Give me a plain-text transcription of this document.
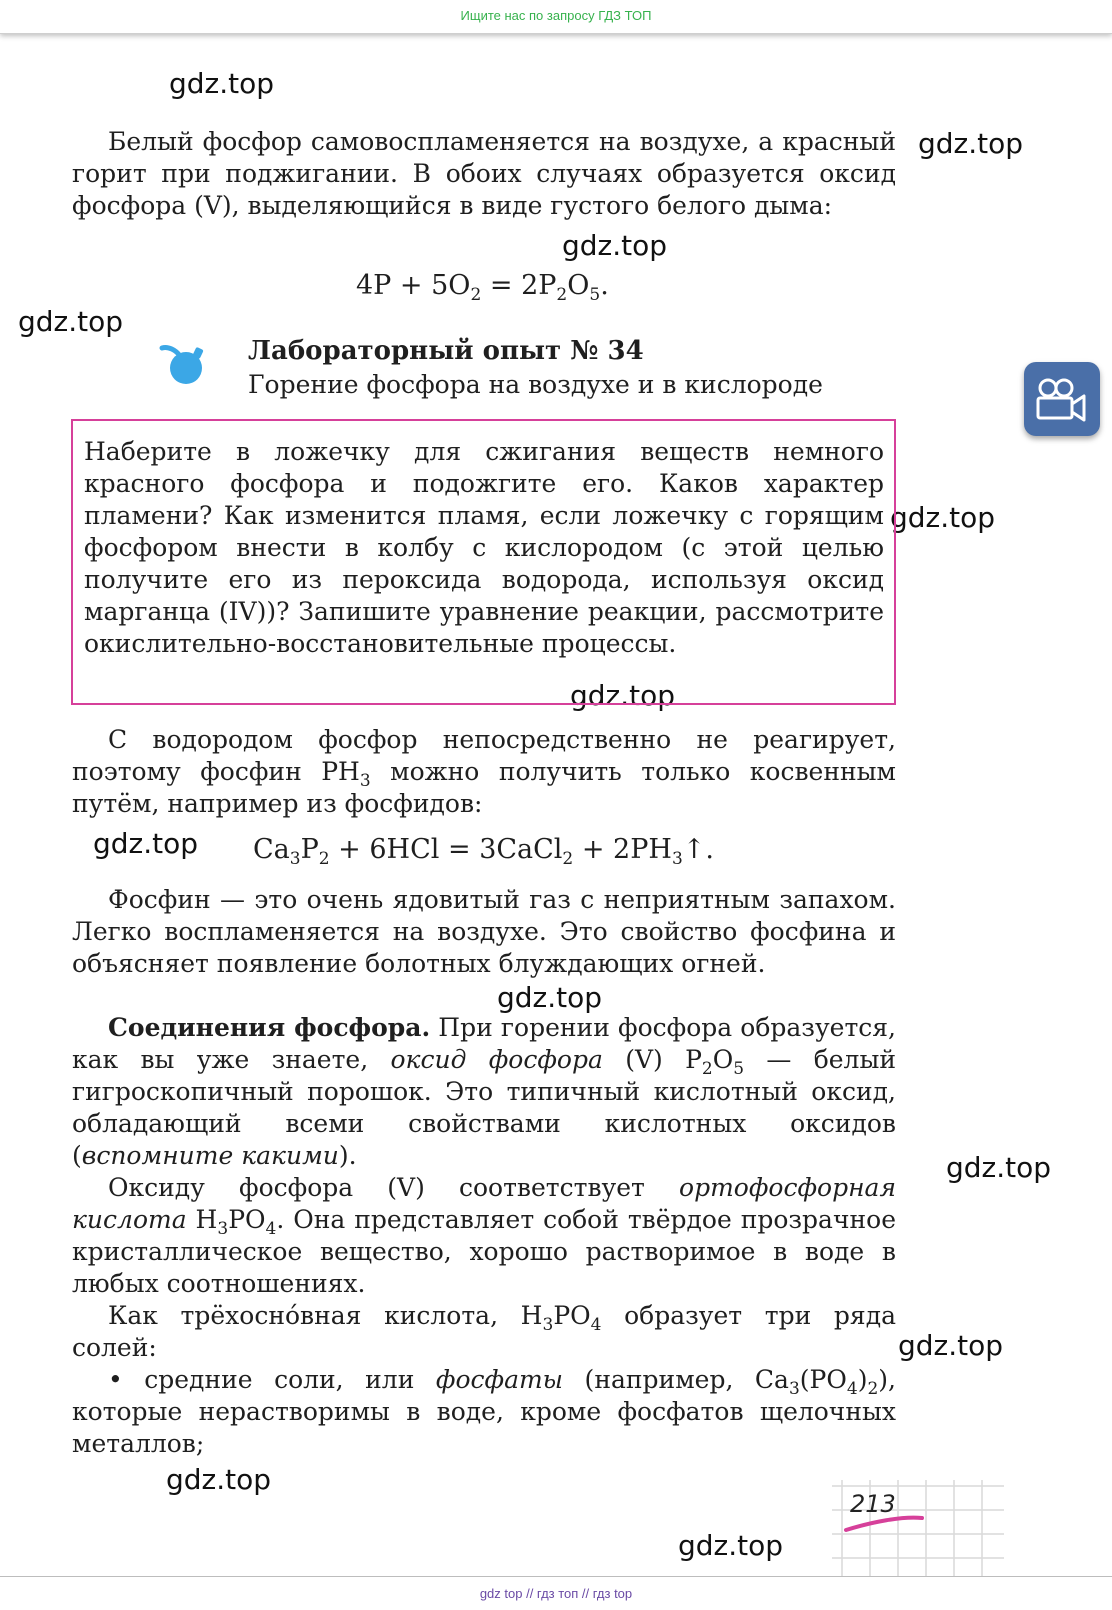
Ищите нас по запросу ГДЗ ТОП
gdz.top
gdz.top
gdz.top
gdz.top
gdz.top
gdz.top
gdz.top
gdz.top
gdz.top
gdz.top
gdz.top
gdz.top
Белый фосфор самовоспламеняется на воздухе, а красный горит при поджигании. В обоих случаях образуется оксид фосфора (V), выделяющийся в виде густого белого дыма:
$4P + 5O_2 = 2P_2O_5$.
Лабораторный опыт № 34
Горение фосфора на воздухе и в кислороде
Наберите в ложечку для сжигания веществ немного красного фосфора и подожгите его. Каков характер пламени? Как изменится пламя, если ложечку с горящим фосфором внести в колбу с кислородом (с этой целью получите его из пероксида водорода, используя оксид марганца (IV))? Запишите уравнение реакции, рассмотрите окислительно-восстановительные процессы.
С водородом фосфор непосредственно не реагирует, поэтому фосфин $PH_3$ можно получить только косвенным путём, например из фосфидов:
$Ca_3P_2 + 6HCl$ = 3CaCl$_2$ + $2PH_3↑$.
Фосфин — это очень ядовитый газ с неприятным запахом. Легко воспламеняется на воздухе. Это свойство фосфина и объясняет появление болотных блуждающих огней.
Соединения фосфора. При горении фосфора образуется, как вы уже знаете, оксид фосфора (V) $P_2O_5$ — белый гигроскопичный порошок. Это типичный кислотный оксид, обладающий всеми свойствами кислотных оксидов (вспомните какими).
Оксиду фосфора (V) соответствует ортофосфорная кислота $H_3PO_4$. Она представляет собой твёрдое прозрачное кристаллическое вещество, хорошо растворимое в воде в любых соотношениях.
Как трёхосно́вная кислота, $H_3PO_4$ образует три ряда солей:
• средние соли, или фосфаты (например, $Ca_3(PO_4)_2$), которые нерастворимы в воде, кроме фосфатов щелочных металлов;
213
gdz top // гдз топ // гдз top
